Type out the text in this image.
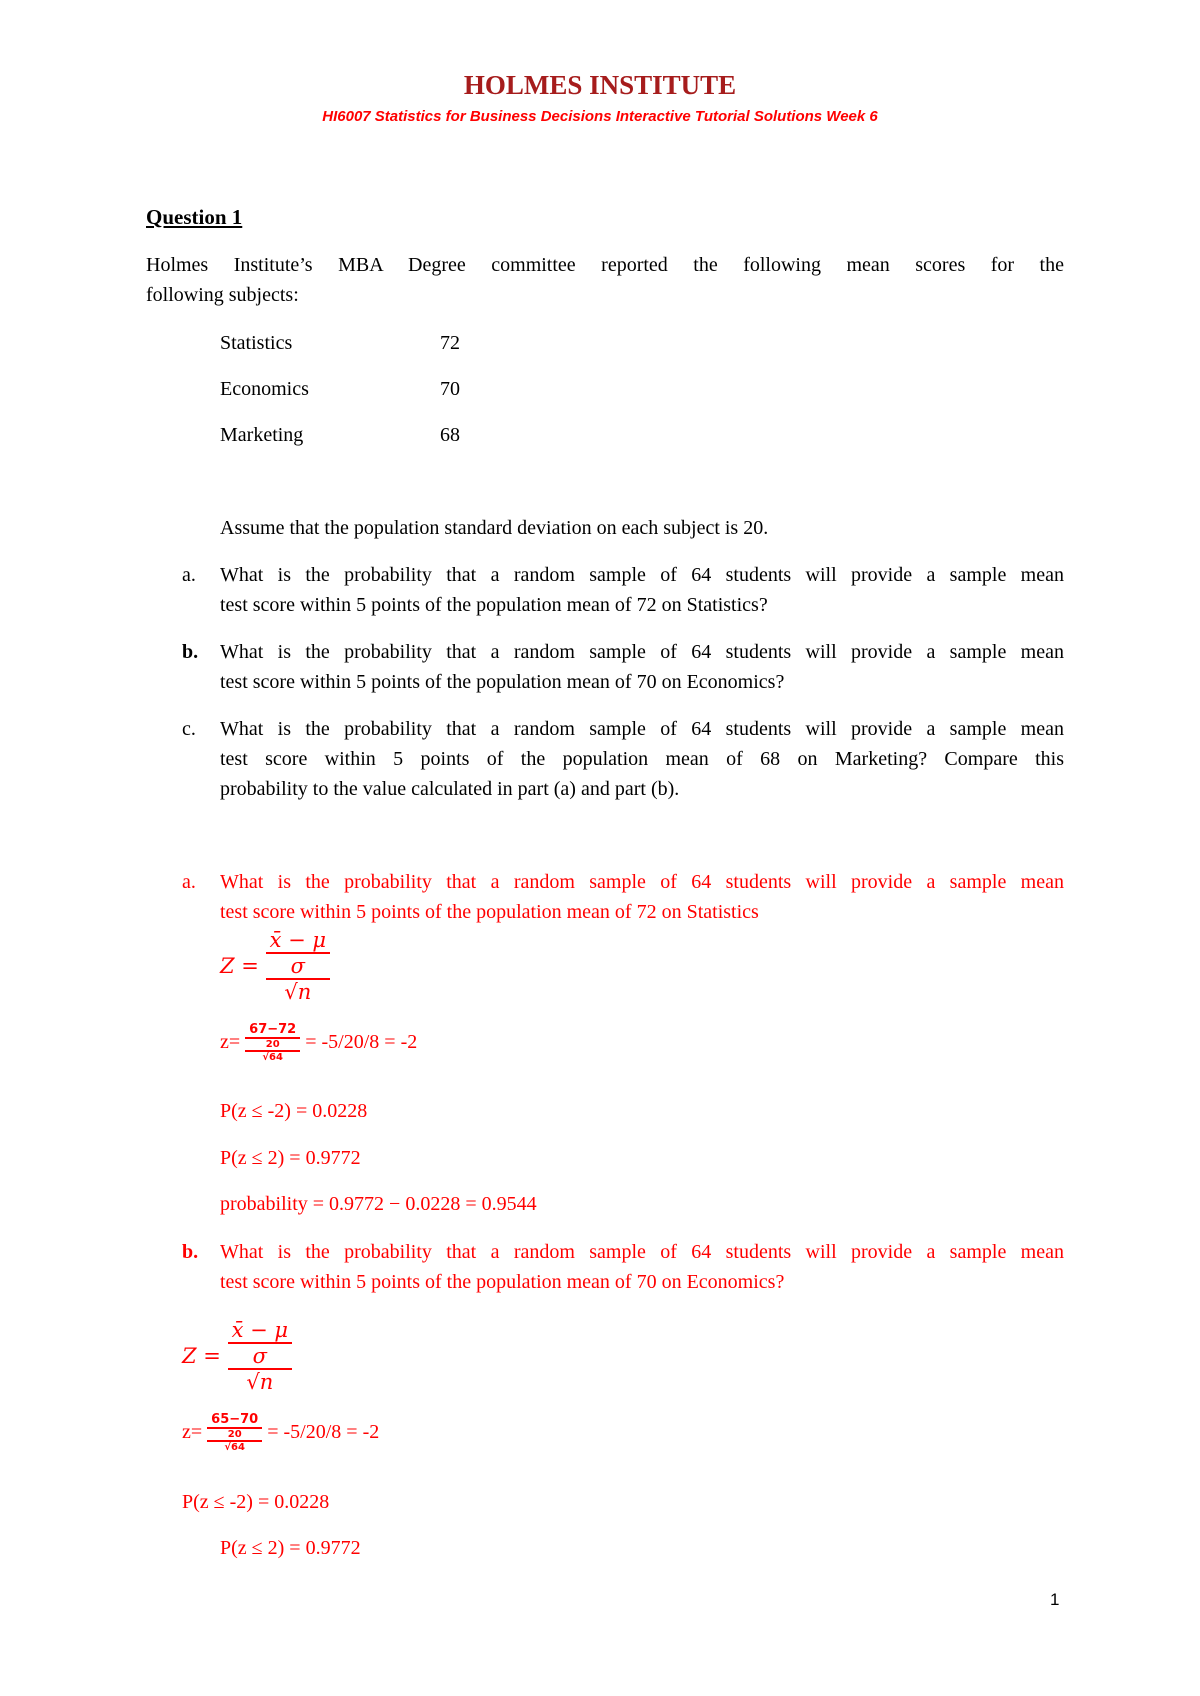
HOLMES INSTITUTE
HI6007 Statistics for Business Decisions Interactive Tutorial Solutions Week 6
Question 1
Holmes Institute’s MBA Degree committee reported the following mean scores for the
following subjects:
Statistics	72
Economics	70
Marketing	68
Assume that the population standard deviation on each subject is 20.
a.	What is the probability that a random sample of 64 students will provide a sample mean
test score within 5 points of the population mean of 72 on Statistics?
b.	What is the probability that a random sample of 64 students will provide a sample mean
test score within 5 points of the population mean of 70 on Economics?
c.	What is the probability that a random sample of 64 students will provide a sample mean
test score within 5 points of the population mean of 68 on Marketing? Compare this
probability to the value calculated in part (a) and part (b).
a.	What is the probability that a random sample of 64 students will provide a sample mean
test score within 5 points of the population mean of 72 on Statistics
Z = x̄ − μ
σ
√n
z= 67−72
20
√64 = -5/20/8 = -2
P(z ≤ -2) = 0.0228
P(z ≤ 2) = 0.9772
probability = 0.9772 − 0.0228 = 0.9544
b.	What is the probability that a random sample of 64 students will provide a sample mean
test score within 5 points of the population mean of 70 on Economics?
Z = x̄ − μ
σ
√n
z= 65−70
20
√64 = -5/20/8 = -2
P(z ≤ -2) = 0.0228
P(z ≤ 2) = 0.9772
1
